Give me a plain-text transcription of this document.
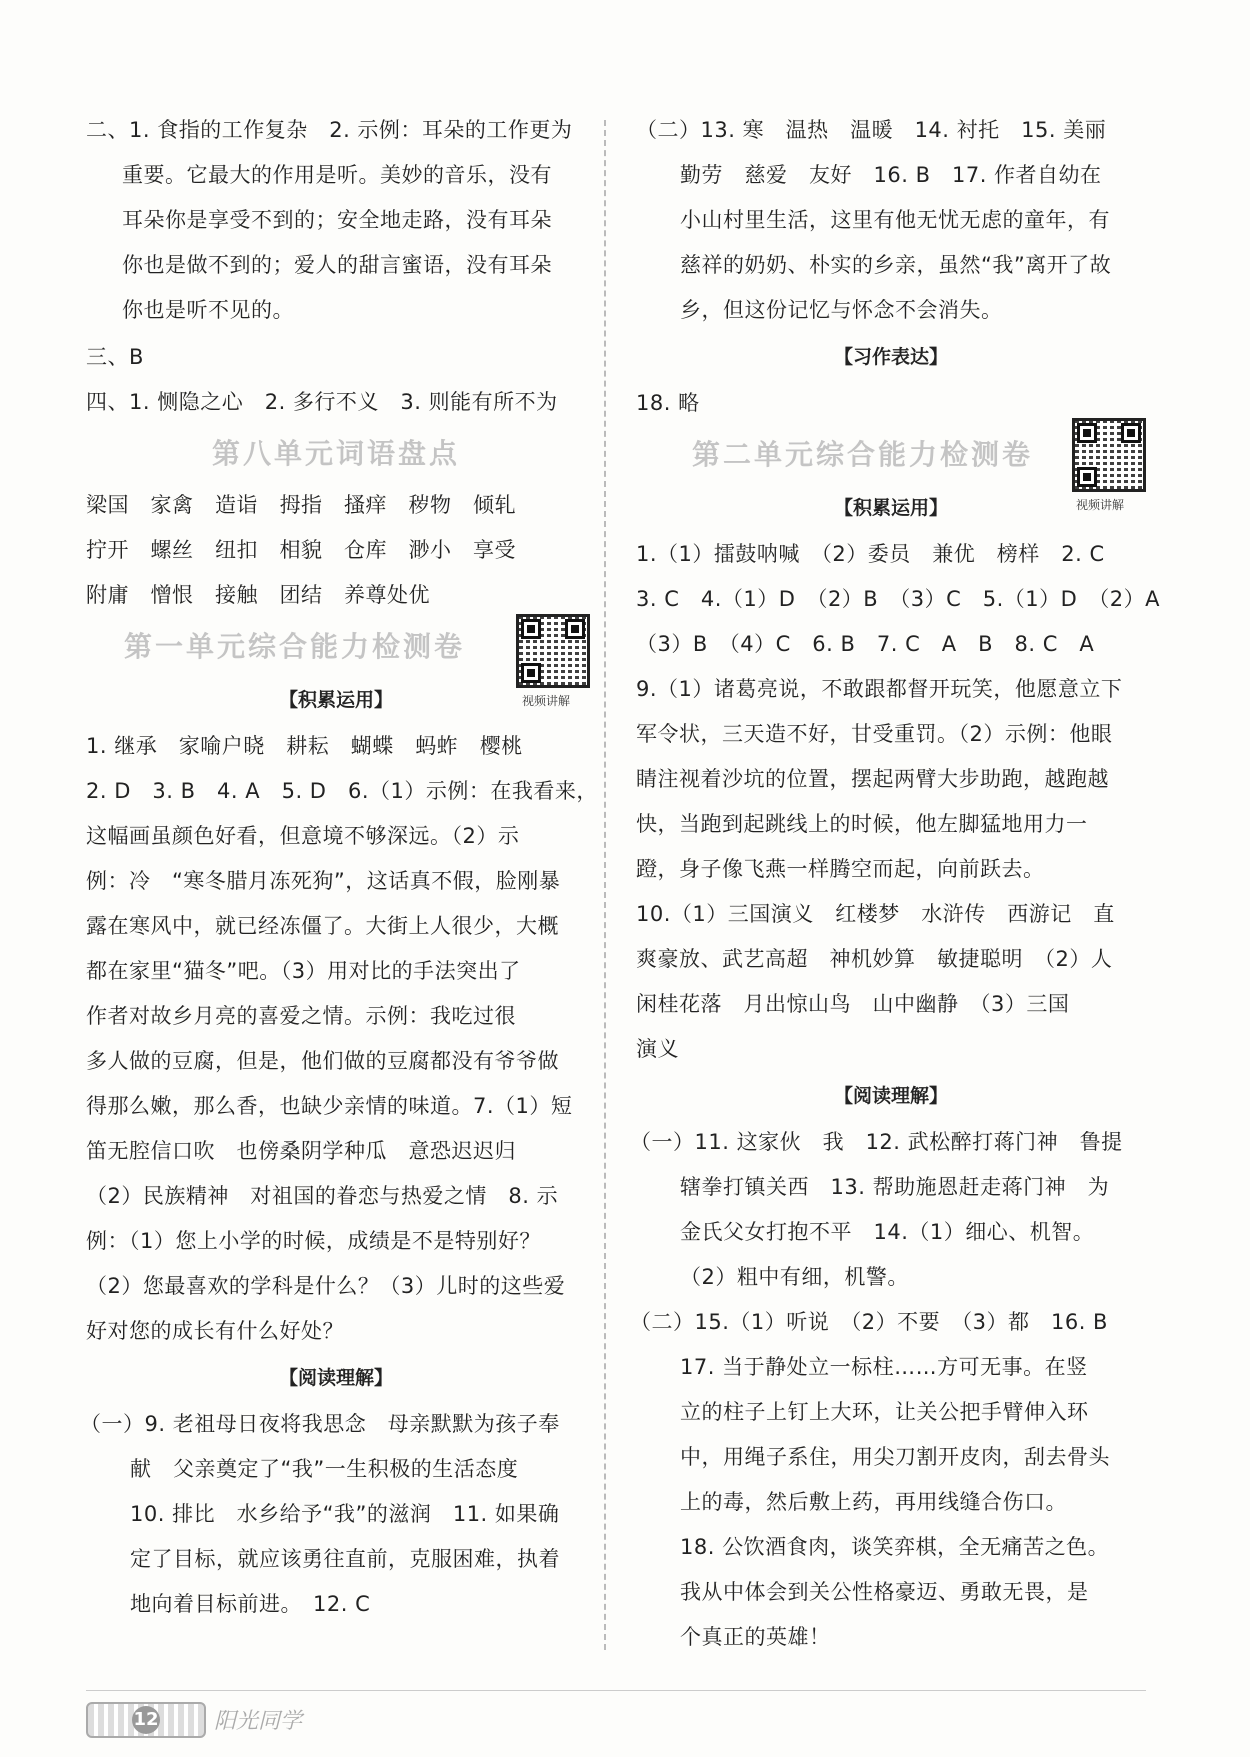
二、1. 食指的工作复杂　2. 示例：耳朵的工作更为
重要。它最大的作用是听。美妙的音乐，没有
耳朵你是享受不到的；安全地走路，没有耳朵
你也是做不到的；爱人的甜言蜜语，没有耳朵
你也是听不见的。
三、B
四、1. 恻隐之心　2. 多行不义　3. 则能有所不为
第八单元词语盘点
梁国　家禽　造诣　拇指　搔痒　秽物　倾轧
拧开　螺丝　纽扣　相貌　仓库　渺小　享受
附庸　憎恨　接触　团结　养尊处优
第一单元综合能力检测卷
视频讲解
【积累运用】
1. 继承　家喻户晓　耕耘　蝴蝶　蚂蚱　樱桃
2. D　3. B　4. A　5. D　6.（1）示例：在我看来，
这幅画虽颜色好看，但意境不够深远。（2）示
例：冷　“寒冬腊月冻死狗”，这话真不假，脸刚暴
露在寒风中，就已经冻僵了。大街上人很少，大概
都在家里“猫冬”吧。（3）用对比的手法突出了
作者对故乡月亮的喜爱之情。示例：我吃过很
多人做的豆腐，但是，他们做的豆腐都没有爷爷做
得那么嫩，那么香，也缺少亲情的味道。7.（1）短
笛无腔信口吹　也傍桑阴学种瓜　意恐迟迟归
（2）民族精神　对祖国的眷恋与热爱之情　8. 示
例：（1）您上小学的时候，成绩是不是特别好？
（2）您最喜欢的学科是什么？（3）儿时的这些爱
好对您的成长有什么好处？
【阅读理解】
（一）9. 老祖母日夜将我思念　母亲默默为孩子奉
献　父亲奠定了“我”一生积极的生活态度
10. 排比　水乡给予“我”的滋润　11. 如果确
定了目标，就应该勇往直前，克服困难，执着
地向着目标前进。　12. C
（二）13. 寒　温热　温暖　14. 衬托　15. 美丽
勤劳　慈爱　友好　16. B　17. 作者自幼在
小山村里生活，这里有他无忧无虑的童年，有
慈祥的奶奶、朴实的乡亲，虽然“我”离开了故
乡，但这份记忆与怀念不会消失。
【习作表达】
18. 略
第二单元综合能力检测卷
视频讲解
【积累运用】
1.（1）擂鼓呐喊　（2）委员　兼优　榜样　2. C
3. C　4.（1）D　（2）B　（3）C　5.（1）D　（2）A
（3）B　（4）C　6. B　7. C　A　B　8. C　A
9.（1）诸葛亮说，不敢跟都督开玩笑，他愿意立下
军令状，三天造不好，甘受重罚。（2）示例：他眼
睛注视着沙坑的位置，摆起两臂大步助跑，越跑越
快，当跑到起跳线上的时候，他左脚猛地用力一
蹬，身子像飞燕一样腾空而起，向前跃去。
10.（1）三国演义　红楼梦　水浒传　西游记　直
爽豪放、武艺高超　神机妙算　敏捷聪明　（2）人
闲桂花落　月出惊山鸟　山中幽静　（3）三国
演义
【阅读理解】
（一）11. 这家伙　我　12. 武松醉打蒋门神　鲁提
辖拳打镇关西　13. 帮助施恩赶走蒋门神　为
金氏父女打抱不平　14.（1）细心、机智。
（2）粗中有细，机警。
（二）15.（1）听说　（2）不要　（3）都　16. B
17. 当于静处立一标柱……方可无事。在竖
立的柱子上钉上大环，让关公把手臂伸入环
中，用绳子系住，用尖刀割开皮肉，刮去骨头
上的毒，然后敷上药，再用线缝合伤口。
18. 公饮酒食肉，谈笑弈棋，全无痛苦之色。
我从中体会到关公性格豪迈、勇敢无畏，是
个真正的英雄！
12	阳光同学
